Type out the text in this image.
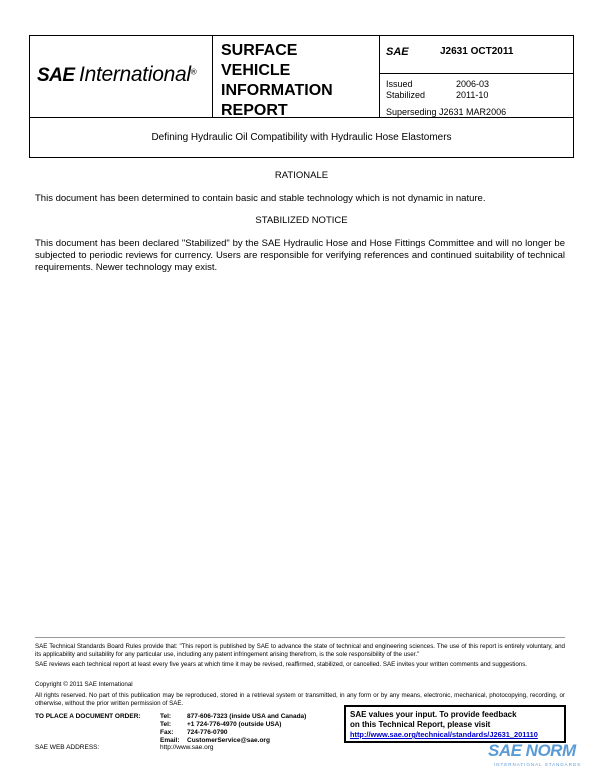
SAE International®
SURFACE
VEHICLE
INFORMATION
REPORT
SAE	J2631 OCT2011
Issued	2006-03
Stabilized	2011-10
Superseding J2631 MAR2006
Defining Hydraulic Oil Compatibility with Hydraulic Hose Elastomers
RATIONALE
This document has been determined to contain basic and stable technology which is not dynamic in nature.
STABILIZED NOTICE
This document has been declared "Stabilized" by the SAE Hydraulic Hose and Hose Fittings Committee and will no longer be subjected to periodic reviews for currency. Users are responsible for verifying references and continued suitability of technical requirements. Newer technology may exist.
SAE Technical Standards Board Rules provide that: "This report is published by SAE to advance the state of technical and engineering sciences. The use of this report is entirely voluntary, and its applicability and suitability for any particular use, including any patent infringement arising therefrom, is the sole responsibility of the user."
SAE reviews each technical report at least every five years at which time it may be revised, reaffirmed, stabilized, or cancelled. SAE invites your written comments and suggestions.
Copyright © 2011 SAE International
All rights reserved. No part of this publication may be reproduced, stored in a retrieval system or transmitted, in any form or by any means, electronic, mechanical, photocopying, recording, or otherwise, without the prior written permission of SAE.
TO PLACE A DOCUMENT ORDER:	Tel: 877-606-7323 (inside USA and Canada)
Tel: +1 724-776-4970 (outside USA)
Fax: 724-776-0790
Email: CustomerService@sae.org
SAE WEB ADDRESS:	http://www.sae.org
SAE values your input. To provide feedback
on this Technical Report, please visit
http://www.sae.org/technical/standards/J2631_201110
SAE NORM
INTERNATIONAL STANDARDS
